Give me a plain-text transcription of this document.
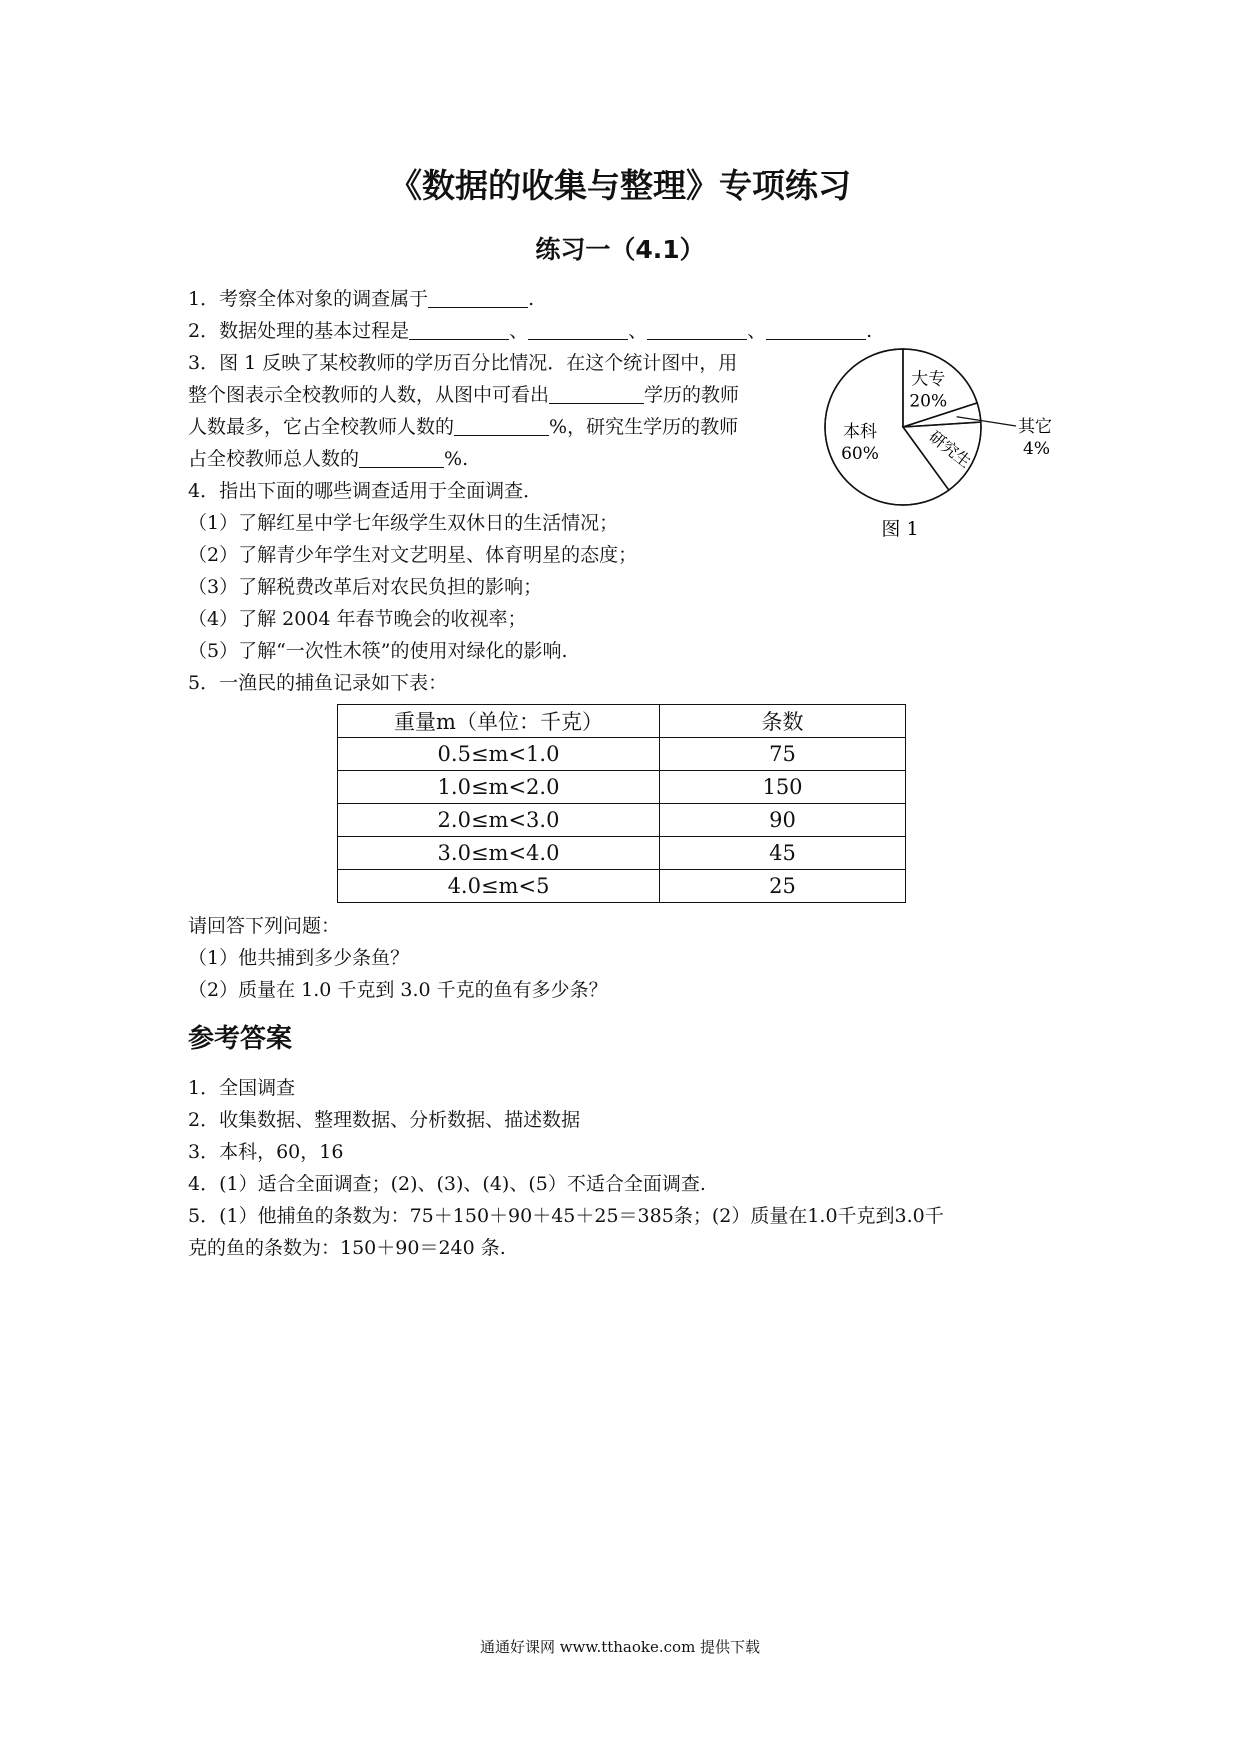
《数据的收集与整理》专项练习
练习一（4.1）
1．考察全体对象的调查属于	.
2．数据处理的基本过程是	、	、	、	.
3．图 1 反映了某校教师的学历百分比情况．在这个统计图中，用
整个图表示全校教师的人数，从图中可看出	学历的教师
人数最多，它占全校教师人数的	%，研究生学历的教师
占全校教师总人数的	%.
大专
20%
其它
4%
研究生
本科
60%
图 1
4．指出下面的哪些调查适用于全面调查．
（1）了解红星中学七年级学生双休日的生活情况；
（2）了解青少年学生对文艺明星、体育明星的态度；
（3）了解税费改革后对农民负担的影响；
（4）了解 2004 年春节晚会的收视率；
（5）了解“一次性木筷”的使用对绿化的影响.
5．一渔民的捕鱼记录如下表：
重量m（单位：千克）	条数
0.5≤m<1.0	75
1.0≤m<2.0	150
2.0≤m<3.0	90
3.0≤m<4.0	45
4.0≤m<5	25
请回答下列问题：
（1）他共捕到多少条鱼？
（2）质量在 1.0 千克到 3.0 千克的鱼有多少条？
参考答案
1．全国调查
2．收集数据、整理数据、分析数据、描述数据
3．本科，60，16
4．(1）适合全面调查；(2)、(3)、(4)、(5）不适合全面调查.
5．(1）他捕鱼的条数为：75＋150＋90＋45＋25＝385条；(2）质量在1.0千克到3.0千
克的鱼的条数为：150＋90＝240 条.
通通好课网 www.tthaoke.com 提供下载
